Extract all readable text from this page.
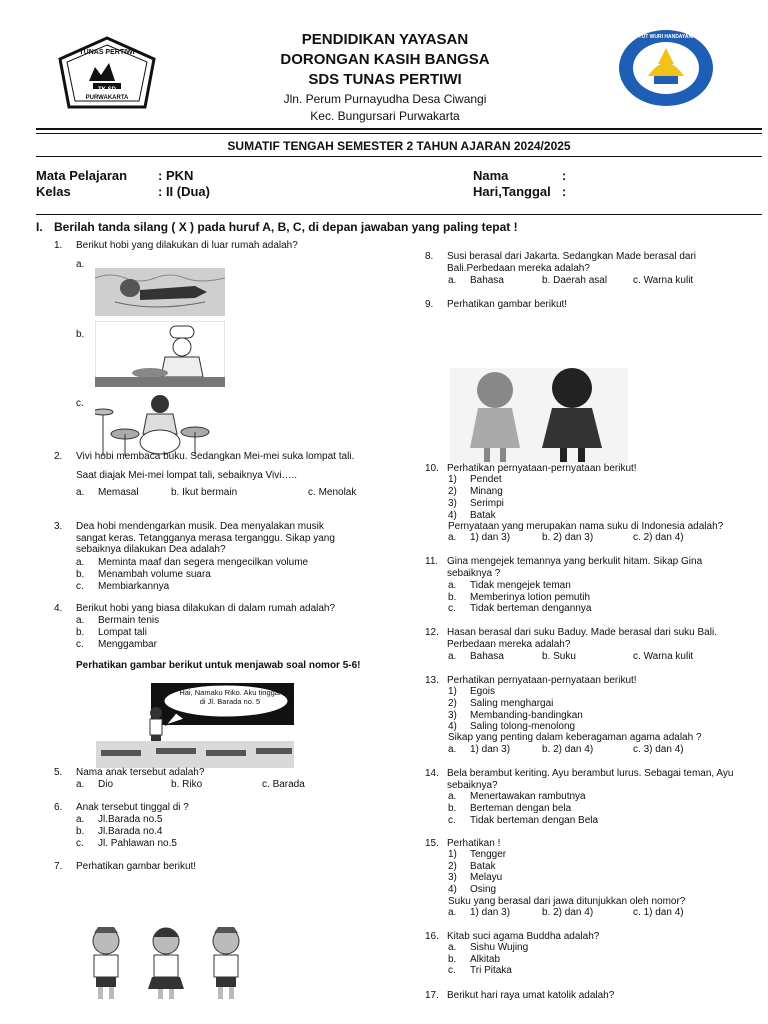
TUNAS PERTIWI
TK SD
PURWAKARTA
TUT WURI HANDAYANI
PENDIDIKAN YAYASAN
DORONGAN KASIH BANGSA
SDS TUNAS PERTIWI
Jln. Perum Purnayudha Desa Ciwangi
Kec. Bungursari Purwakarta
SUMATIF TENGAH SEMESTER 2 TAHUN AJARAN 2024/2025
Mata Pelajaran : PKN
Kelas	: II (Dua)
Nama	:
Hari,Tanggal :
I. Berilah tanda silang ( X ) pada huruf A, B, C, di depan jawaban yang paling tepat !
1.	Berikut hobi yang dilakukan di luar rumah adalah?
a.
b.
c.
2.	Vivi hobi membaca buku. Sedangkan Mei-mei suka lompat tali.
Saat diajak Mei-mei lompat tali, sebaiknya Vivi…..
a. Memasal	b. Ikut bermain	c. Menolak
3.	Dea hobi mendengarkan musik. Dea menyalakan musik sangat keras. Tetangganya merasa terganggu. Sikap yang sebaiknya dilakukan Dea adalah?
a. Meminta maaf dan segera mengecilkan volume
b. Menambah volume suara
c. Membiarkannya
4.	Berikut hobi yang biasa dilakukan di dalam rumah adalah?
a. Bermain tenis
b. Lompat tali
c. Menggambar
Perhatikan gambar berikut untuk menjawab soal nomor 5-6!
Hai, Namaku Riko. Aku tinggal di Jl. Barada no. 5
5.	Nama anak tersebut adalah?
a. Dio	b. Riko	c. Barada
6.	Anak tersebut tinggal di ?
a. Jl.Barada no.5
b. Jl.Barada no.4
c. Jl. Pahlawan no.5
7.	Perhatikan gambar berikut!
8.	Susi berasal dari Jakarta. Sedangkan Made berasal dari Bali.Perbedaan mereka adalah?
a. Bahasa	b. Daerah asal	c. Warna kulit
9.	Perhatikan gambar berikut!
10. Perhatikan pernyataan-pernyataan berikut!
1) Pendet
2) Minang
3) Serimpi
4) Batak
Pernyataan yang merupakan nama suku di Indonesia adalah?
a. 1) dan 3)	b. 2) dan 3)	c. 2) dan 4)
11. Gina mengejek temannya yang berkulit hitam. Sikap Gina sebaiknya ?
a. Tidak mengejek teman
b. Memberinya lotion pemutih
c. Tidak berteman dengannya
12. Hasan berasal dari suku Baduy. Made berasal dari suku Bali. Perbedaan mereka adalah?
a. Bahasa	b. Suku	c. Warna kulit
13. Perhatikan pernyataan-pernyataan berikut!
1) Egois
2) Saling menghargai
3) Membanding-bandingkan
4) Saling tolong-menolong
Sikap yang penting dalam keberagaman agama adalah ?
a. 1) dan 3)	b. 2) dan 4)	c. 3) dan 4)
14. Bela berambut keriting. Ayu berambut lurus. Sebagai teman, Ayu sebaiknya?
a. Menertawakan rambutnya
b. Berteman dengan bela
c. Tidak berteman dengan Bela
15. Perhatikan !
1) Tengger
2) Batak
3) Melayu
4) Osing
Suku yang berasal dari jawa ditunjukkan oleh nomor?
a. 1) dan 3)	b. 2) dan 4)	c. 1) dan 4)
16. Kitab suci agama Buddha adalah?
a. Sishu Wujing
b. Alkitab
c. Tri Pitaka
17. Berikut hari raya umat katolik adalah?
